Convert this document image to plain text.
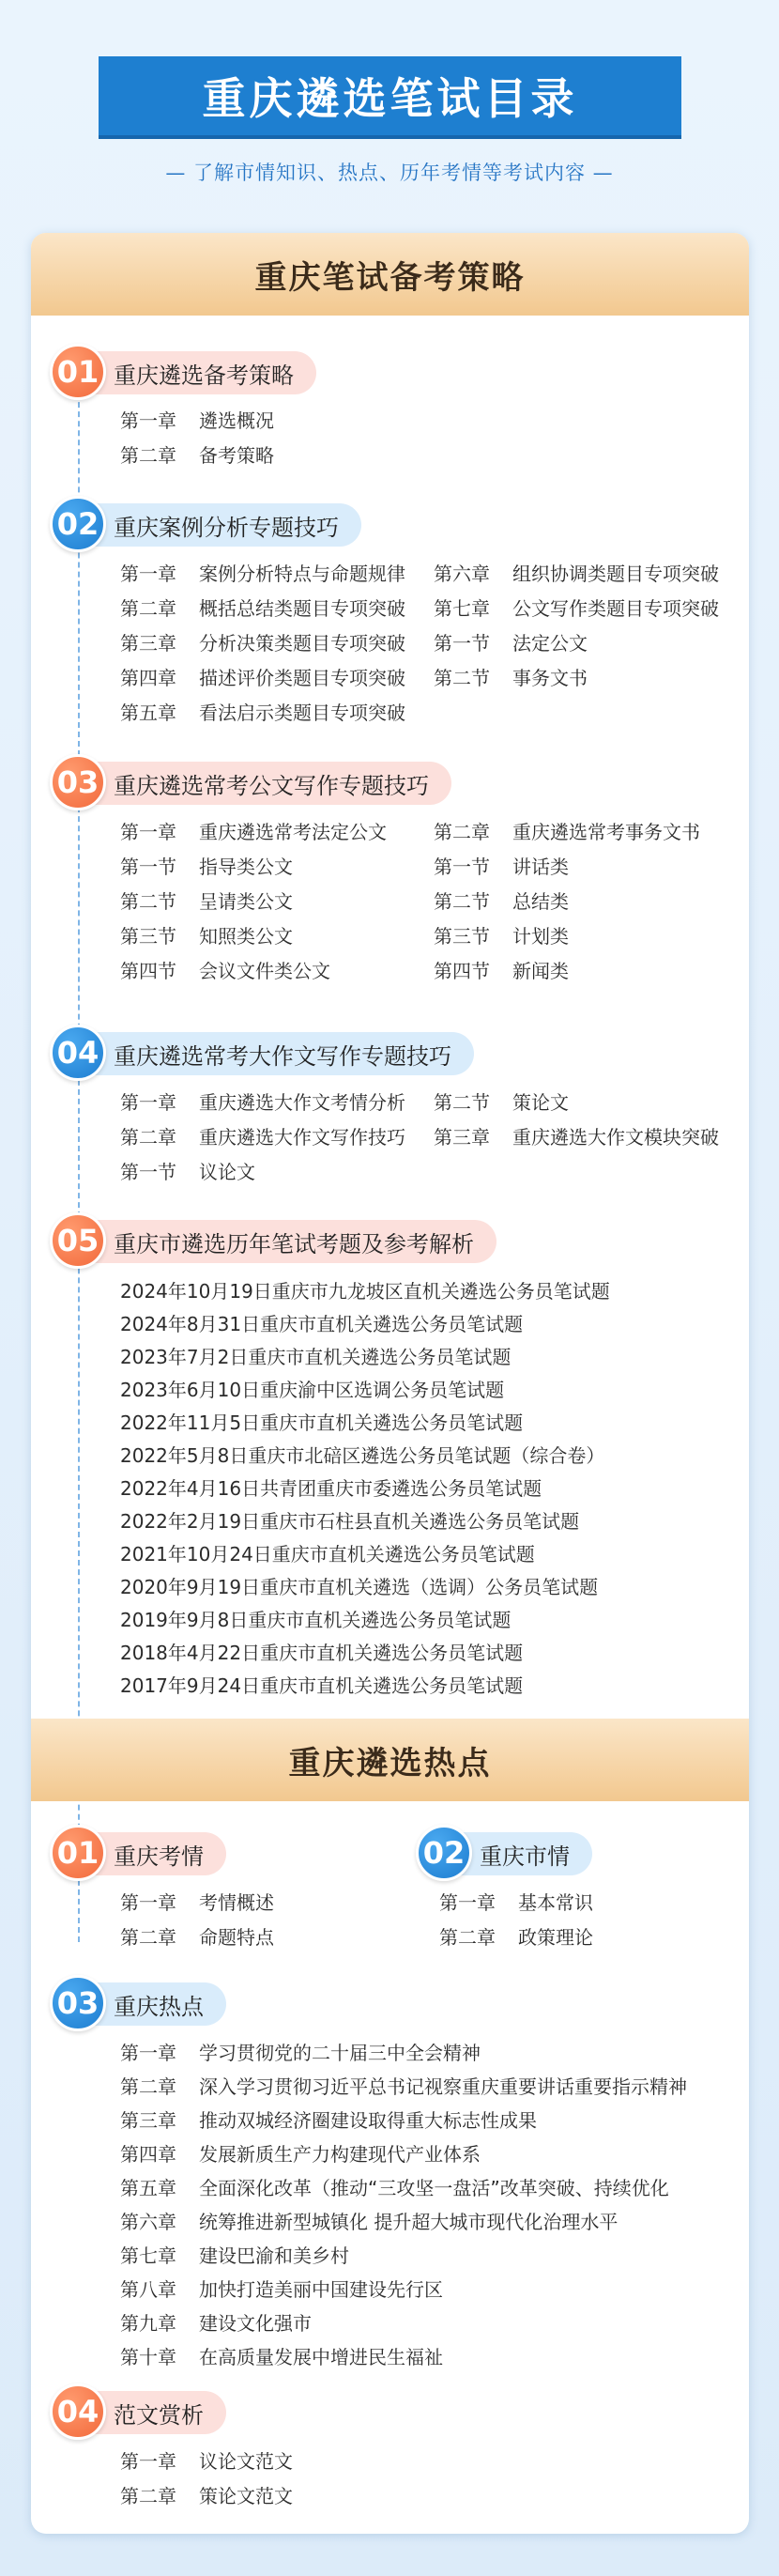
重庆遴选笔试目录
— 了解市情知识、热点、历年考情等考试内容 —
重庆笔试备考策略
重庆遴选备考策略
01
第一章 遴选概况
第二章 备考策略
重庆案例分析专题技巧
02
第一章 案例分析特点与命题规律
第二章 概括总结类题目专项突破
第三章 分析决策类题目专项突破
第四章 描述评价类题目专项突破
第五章 看法启示类题目专项突破
第六章 组织协调类题目专项突破
第七章 公文写作类题目专项突破
第一节 法定公文
第二节 事务文书
重庆遴选常考公文写作专题技巧
03
第一章 重庆遴选常考法定公文
第一节 指导类公文
第二节 呈请类公文
第三节 知照类公文
第四节 会议文件类公文
第二章 重庆遴选常考事务文书
第一节 讲话类
第二节 总结类
第三节 计划类
第四节 新闻类
重庆遴选常考大作文写作专题技巧
04
第一章 重庆遴选大作文考情分析
第二章 重庆遴选大作文写作技巧
第一节 议论文
第二节 策论文
第三章 重庆遴选大作文模块突破
重庆市遴选历年笔试考题及参考解析
05
2024年10月19日重庆市九龙坡区直机关遴选公务员笔试题
2024年8月31日重庆市直机关遴选公务员笔试题
2023年7月2日重庆市直机关遴选公务员笔试题
2023年6月10日重庆渝中区选调公务员笔试题
2022年11月5日重庆市直机关遴选公务员笔试题
2022年5月8日重庆市北碚区遴选公务员笔试题（综合卷）
2022年4月16日共青团重庆市委遴选公务员笔试题
2022年2月19日重庆市石柱县直机关遴选公务员笔试题
2021年10月24日重庆市直机关遴选公务员笔试题
2020年9月19日重庆市直机关遴选（选调）公务员笔试题
2019年9月8日重庆市直机关遴选公务员笔试题
2018年4月22日重庆市直机关遴选公务员笔试题
2017年9月24日重庆市直机关遴选公务员笔试题
重庆遴选热点
重庆考情
01
第一章 考情概述
第二章 命题特点
重庆市情
02
第一章 基本常识
第二章 政策理论
重庆热点
03
第一章 学习贯彻党的二十届三中全会精神
第二章 深入学习贯彻习近平总书记视察重庆重要讲话重要指示精神
第三章 推动双城经济圈建设取得重大标志性成果
第四章 发展新质生产力构建现代产业体系
第五章 全面深化改革（推动“三攻坚一盘活”改革突破、持续优化
第六章 统筹推进新型城镇化 提升超大城市现代化治理水平
第七章 建设巴渝和美乡村
第八章 加快打造美丽中国建设先行区
第九章 建设文化强市
第十章 在高质量发展中增进民生福祉
范文赏析
04
第一章 议论文范文
第二章 策论文范文
